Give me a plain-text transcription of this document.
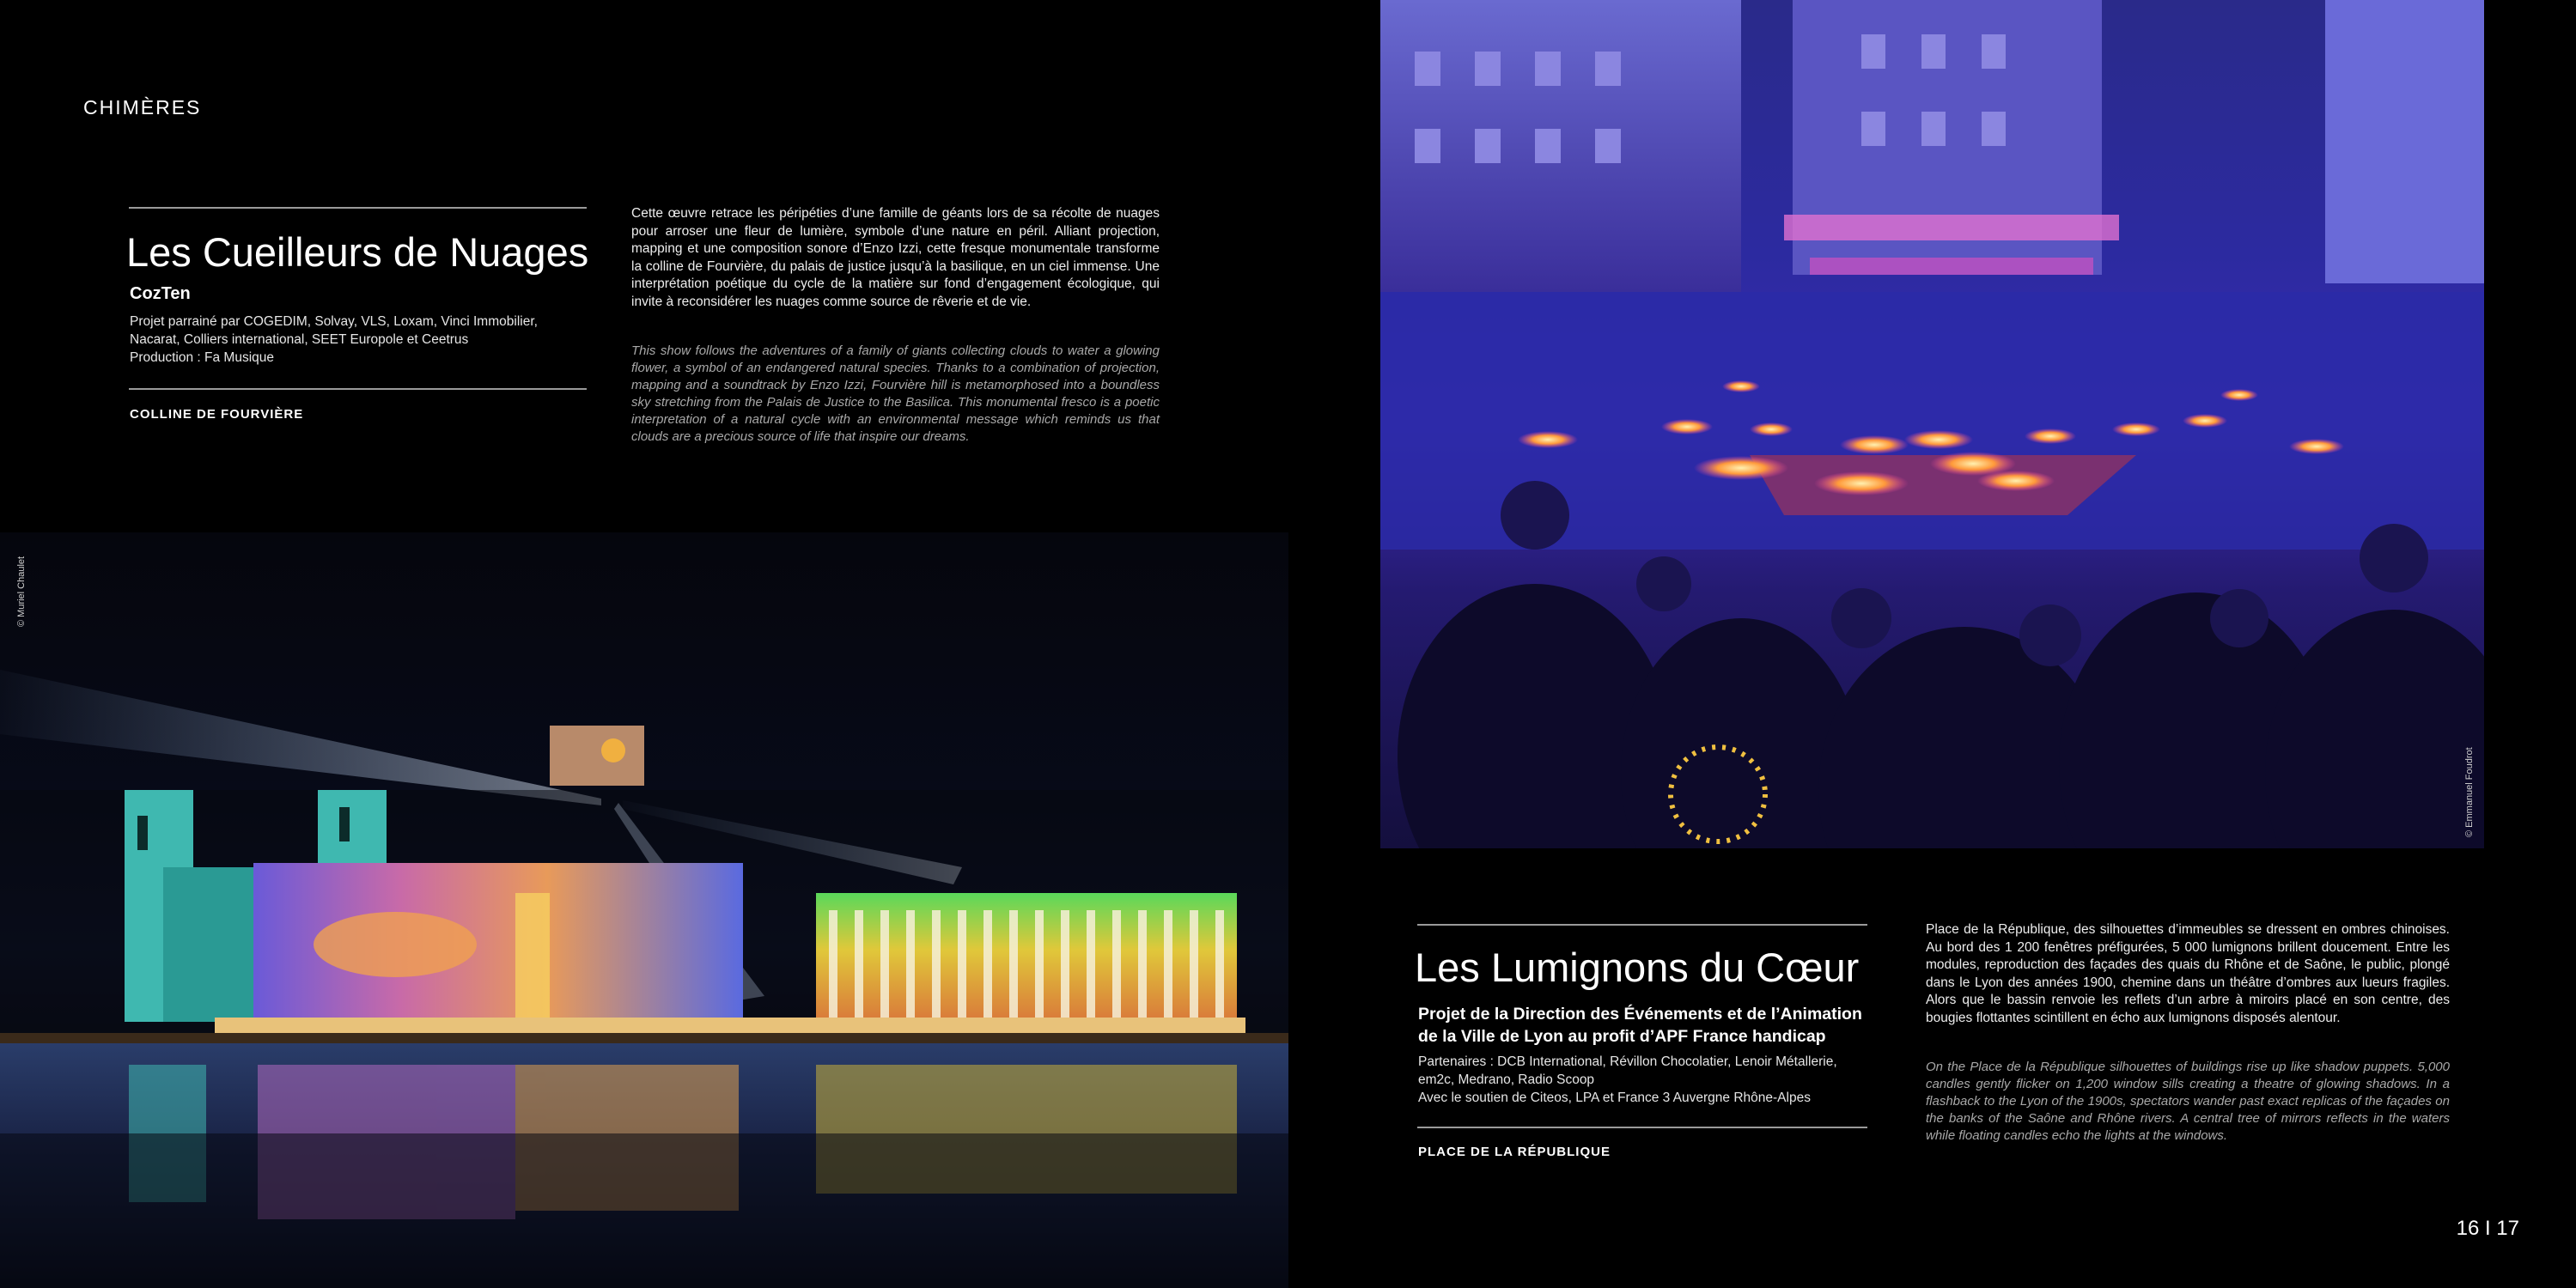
CHIMÈRES
Les Cueilleurs de Nuages
CozTen
Projet parrainé par COGEDIM, Solvay, VLS, Loxam, Vinci Immobilier,
Nacarat, Colliers international, SEET Europole et Ceetrus
Production : Fa Musique
COLLINE DE FOURVIÈRE
Cette œuvre retrace les péripéties d’une famille de géants lors de sa récolte de nuages pour arroser une fleur de lumière, symbole d’une nature en péril. Alliant projection, mapping et une composition sonore d’Enzo Izzi, cette fresque monumentale transforme la colline de Fourvière, du palais de justice jusqu’à la basilique, en un ciel immense. Une interprétation poétique du cycle de la matière sur fond d’engagement écologique, qui invite à reconsidérer les nuages comme source de rêverie et de vie.
This show follows the adventures of a family of giants collecting clouds to water a glowing flower, a symbol of an endangered natural species. Thanks to a combination of projection, mapping and a soundtrack by Enzo Izzi, Fourvière hill is metamorphosed into a boundless sky stretching from the Palais de Justice to the Basilica. This monumental fresco is a poetic interpretation of a natural cycle with an environmental message which reminds us that clouds are a precious source of life that inspire our dreams.
© Muriel Chaulet
© Emmanuel Foudrot
Les Lumignons du Cœur
Projet de la Direction des Événements et de l’Animation
de la Ville de Lyon au profit d’APF France handicap
Partenaires : DCB International, Révillon Chocolatier, Lenoir Métallerie,
em2c, Medrano, Radio Scoop
Avec le soutien de Citeos, LPA et France 3 Auvergne Rhône-Alpes
PLACE DE LA RÉPUBLIQUE
Place de la République, des silhouettes d’immeubles se dressent en ombres chinoises. Au bord des 1 200 fenêtres préfigurées, 5 000 lumignons brillent doucement. Entre les modules, reproduction des façades des quais du Rhône et de Saône, le public, plongé dans le Lyon des années 1900, chemine dans un théâtre d’ombres aux lueurs fragiles. Alors que le bassin renvoie les reflets d’un arbre à miroirs placé en son centre, des bougies flottantes scintillent en écho aux lumignons disposés alentour.
On the Place de la République silhouettes of buildings rise up like shadow puppets. 5,000 candles gently flicker on 1,200 window sills creating a theatre of glowing shadows. In a flashback to the Lyon of the 1900s, spectators wander past exact replicas of the façades on the banks of the Saône and Rhône rivers. A central tree of mirrors reflects in the waters while floating candles echo the lights at the windows.
16 I 17
